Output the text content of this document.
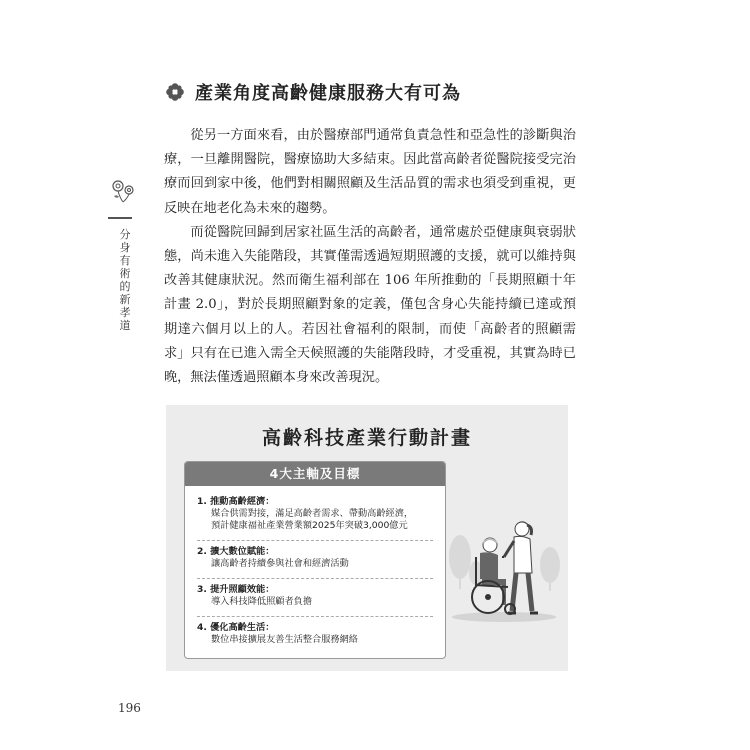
分身有術的新孝道
產業角度高齡健康服務大有可為

從另一方面來看，由於醫療部門通常負責急性和亞急性的診斷與治療，一旦離開醫院，醫療協助大多結束。因此當高齡者從醫院接受完治療而回到家中後，他們對相關照顧及生活品質的需求也須受到重視，更反映在地老化為未來的趨勢。

而從醫院回歸到居家社區生活的高齡者，通常處於亞健康與衰弱狀態，尚未進入失能階段，其實僅需透過短期照護的支援，就可以維持與改善其健康狀況。然而衛生福利部在 106 年所推動的「長期照顧十年計畫 2.0」，對於長期照顧對象的定義，僅包含身心失能持續已達或預期達六個月以上的人。若因社會福利的限制，而使「高齡者的照顧需求」只有在已進入需全天候照護的失能階段時，才受重視，其實為時已晚，無法僅透過照顧本身來改善現況。

高齡科技產業行動計畫
4大主軸及目標
1. 推動高齡經濟：
媒合供需對接，滿足高齡者需求、帶動高齡經濟，
預計健康福祉產業營業額2025年突破3,000億元
2. 擴大數位賦能：
讓高齡者持續參與社會和經濟活動
3. 提升照顧效能：
導入科技降低照顧者負擔
4. 優化高齡生活：
數位串接擴展友善生活整合服務網絡
196
